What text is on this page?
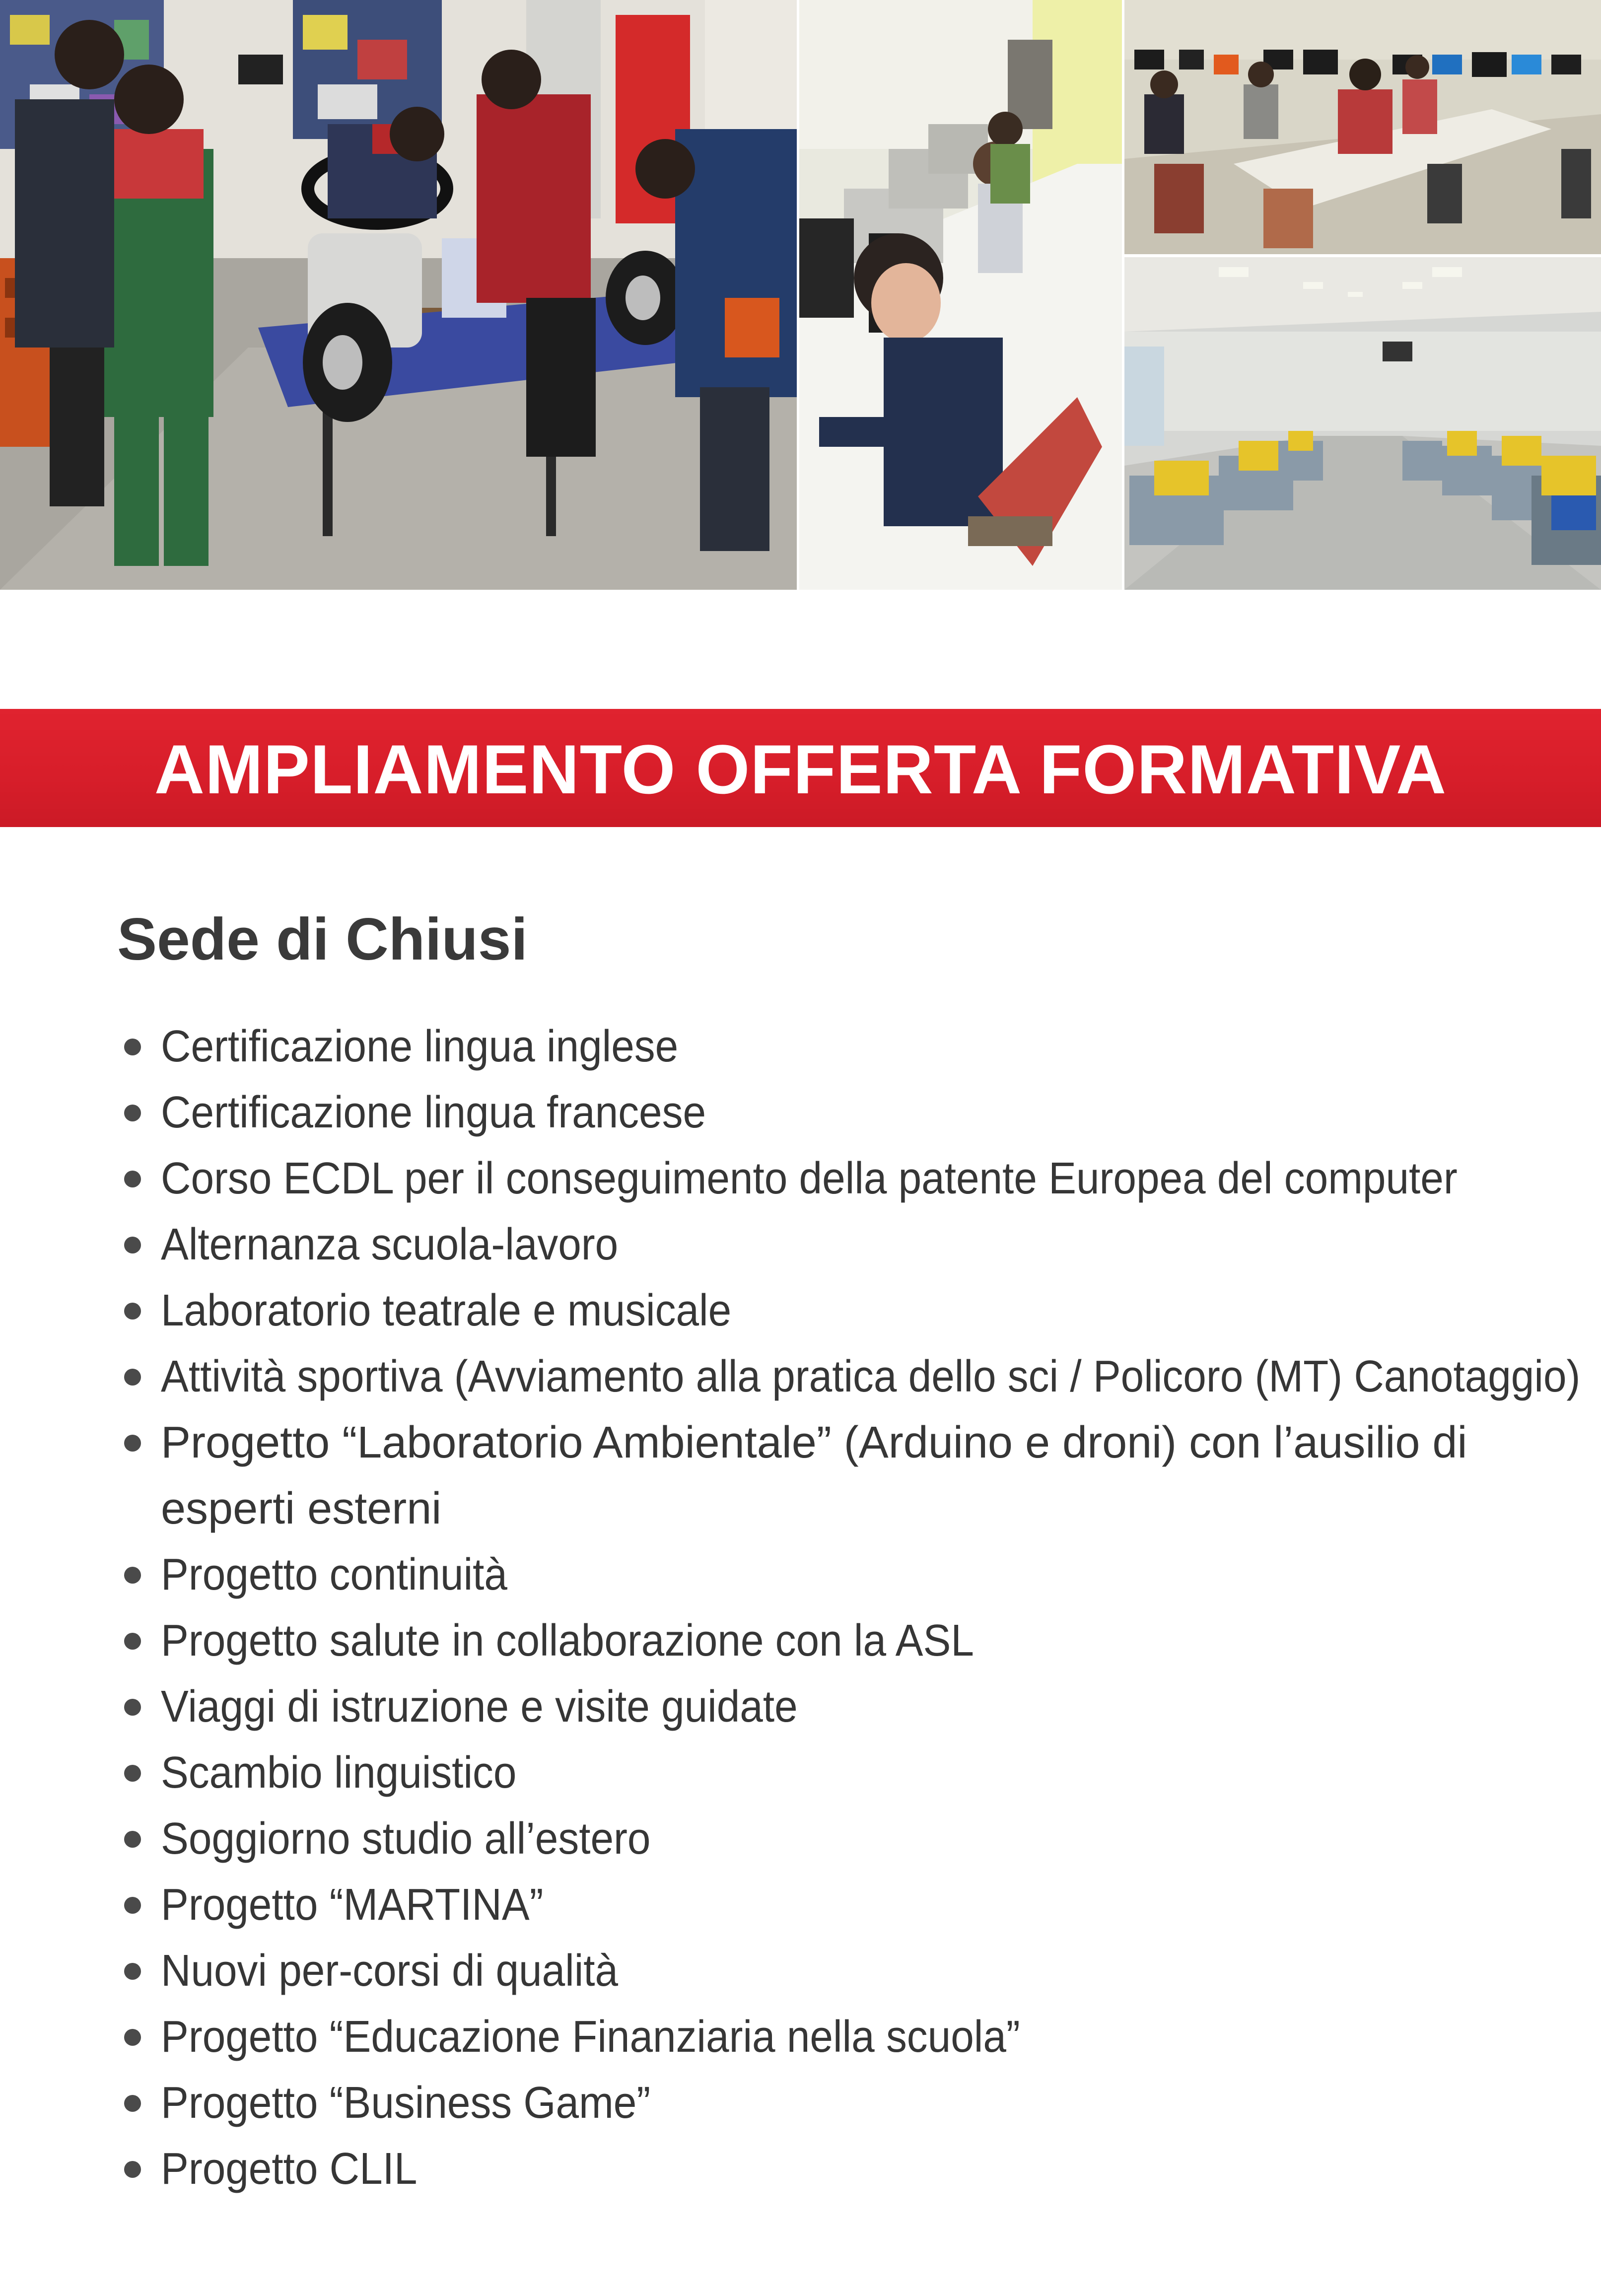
AMPLIAMENTO OFFERTA FORMATIVA
Sede di Chiusi
Certificazione lingua inglese
Certificazione lingua francese
Corso ECDL per il conseguimento della patente Europea del computer
Alternanza scuola-lavoro
Laboratorio teatrale e musicale
Attività sportiva (Avviamento alla pratica dello sci / Policoro (MT) Canotaggio)
Progetto “Laboratorio Ambientale” (Arduino e droni) con l’ausilio di esperti esterni
Progetto continuità
Progetto salute in collaborazione con la ASL
Viaggi di istruzione e visite guidate
Scambio linguistico
Soggiorno studio all’estero
Progetto “MARTINA”
Nuovi per-corsi di qualità
Progetto “Educazione Finanziaria nella scuola”
Progetto “Business Game”
Progetto CLIL
